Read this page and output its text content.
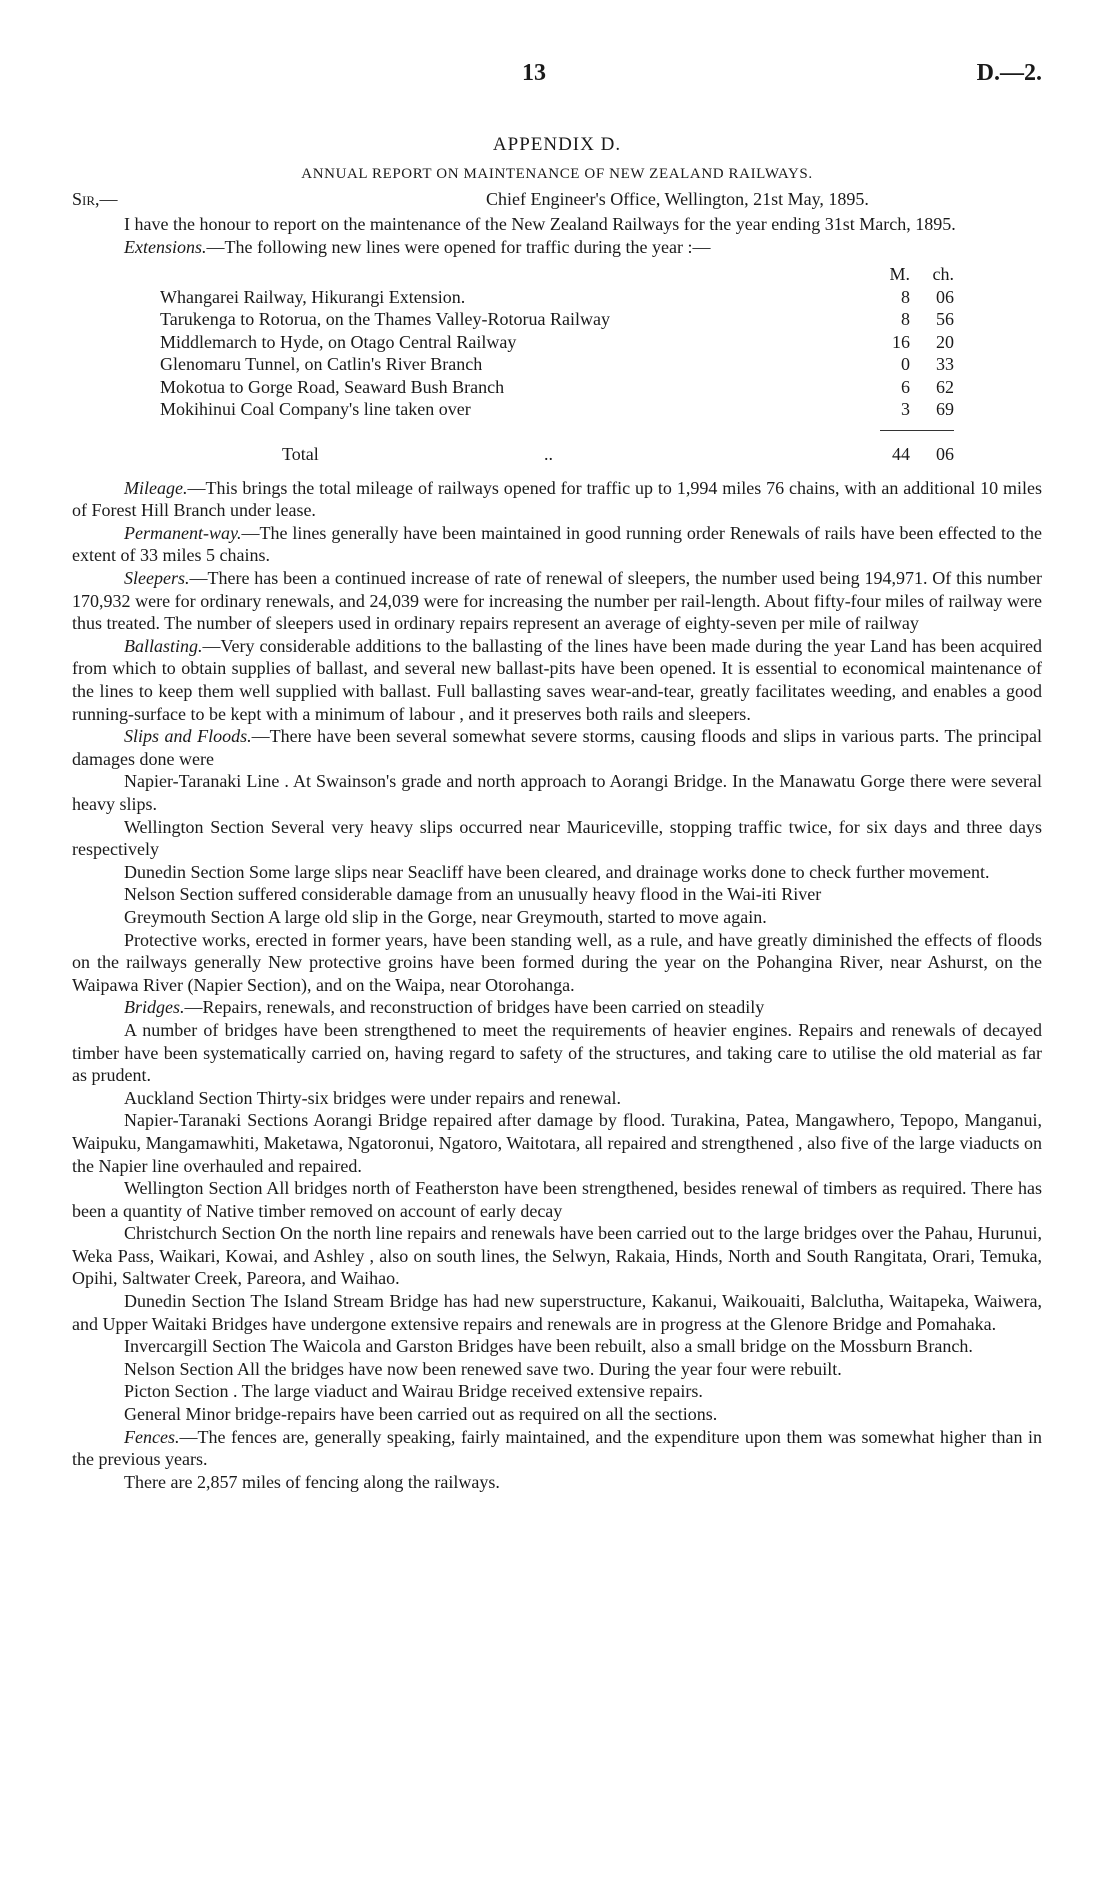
13	D.—2.
APPENDIX D.
ANNUAL REPORT ON MAINTENANCE OF NEW ZEALAND RAILWAYS.
Sir,—	Chief Engineer's Office, Wellington, 21st May, 1895.

I have the honour to report on the maintenance of the New Zealand Railways for the year ending 31st March, 1895.

Extensions.—The following new lines were opened for traffic during the year :—

M.	ch.
Whangarei Railway, Hikurangi Extension.	8	06
Tarukenga to Rotorua, on the Thames Valley-Rotorua Railway	8	56
Middlemarch to Hyde, on Otago Central Railway	16	20
Glenomaru Tunnel, on Catlin's River Branch	0	33
Mokotua to Gorge Road, Seaward Bush Branch	6	62
Mokihinui Coal Company's line taken over	3	69
Total	..	44	06

Mileage.—This brings the total mileage of railways opened for traffic up to 1,994 miles 76 chains, with an additional 10 miles of Forest Hill Branch under lease.

Permanent-way.—The lines generally have been maintained in good running order Renewals of rails have been effected to the extent of 33 miles 5 chains.

Sleepers.—There has been a continued increase of rate of renewal of sleepers, the number used being 194,971. Of this number 170,932 were for ordinary renewals, and 24,039 were for increasing the number per rail-length. About fifty-four miles of railway were thus treated. The number of sleepers used in ordinary repairs represent an average of eighty-seven per mile of railway

Ballasting.—Very considerable additions to the ballasting of the lines have been made during the year Land has been acquired from which to obtain supplies of ballast, and several new ballast-pits have been opened. It is essential to economical maintenance of the lines to keep them well supplied with ballast. Full ballasting saves wear-and-tear, greatly facilitates weeding, and enables a good running-surface to be kept with a minimum of labour , and it preserves both rails and sleepers.

Slips and Floods.—There have been several somewhat severe storms, causing floods and slips in various parts. The principal damages done were

Napier-Taranaki Line . At Swainson's grade and north approach to Aorangi Bridge. In the Manawatu Gorge there were several heavy slips.

Wellington Section Several very heavy slips occurred near Mauriceville, stopping traffic twice, for six days and three days respectively

Dunedin Section Some large slips near Seacliff have been cleared, and drainage works done to check further movement.

Nelson Section suffered considerable damage from an unusually heavy flood in the Wai-iti River

Greymouth Section A large old slip in the Gorge, near Greymouth, started to move again.

Protective works, erected in former years, have been standing well, as a rule, and have greatly diminished the effects of floods on the railways generally New protective groins have been formed during the year on the Pohangina River, near Ashurst, on the Waipawa River (Napier Section), and on the Waipa, near Otorohanga.

Bridges.—Repairs, renewals, and reconstruction of bridges have been carried on steadily

A number of bridges have been strengthened to meet the requirements of heavier engines. Repairs and renewals of decayed timber have been systematically carried on, having regard to safety of the structures, and taking care to utilise the old material as far as prudent.

Auckland Section Thirty-six bridges were under repairs and renewal.

Napier-Taranaki Sections Aorangi Bridge repaired after damage by flood. Turakina, Patea, Mangawhero, Tepopo, Manganui, Waipuku, Mangamawhiti, Maketawa, Ngatoronui, Ngatoro, Waitotara, all repaired and strengthened , also five of the large viaducts on the Napier line overhauled and repaired.

Wellington Section All bridges north of Featherston have been strengthened, besides renewal of timbers as required. There has been a quantity of Native timber removed on account of early decay

Christchurch Section On the north line repairs and renewals have been carried out to the large bridges over the Pahau, Hurunui, Weka Pass, Waikari, Kowai, and Ashley , also on south lines, the Selwyn, Rakaia, Hinds, North and South Rangitata, Orari, Temuka, Opihi, Saltwater Creek, Pareora, and Waihao.

Dunedin Section The Island Stream Bridge has had new superstructure, Kakanui, Waikouaiti, Balclutha, Waitapeka, Waiwera, and Upper Waitaki Bridges have undergone extensive repairs and renewals are in progress at the Glenore Bridge and Pomahaka.

Invercargill Section The Waicola and Garston Bridges have been rebuilt, also a small bridge on the Mossburn Branch.

Nelson Section All the bridges have now been renewed save two. During the year four were rebuilt.

Picton Section . The large viaduct and Wairau Bridge received extensive repairs.

General Minor bridge-repairs have been carried out as required on all the sections.

Fences.—The fences are, generally speaking, fairly maintained, and the expenditure upon them was somewhat higher than in the previous years.

There are 2,857 miles of fencing along the railways.
